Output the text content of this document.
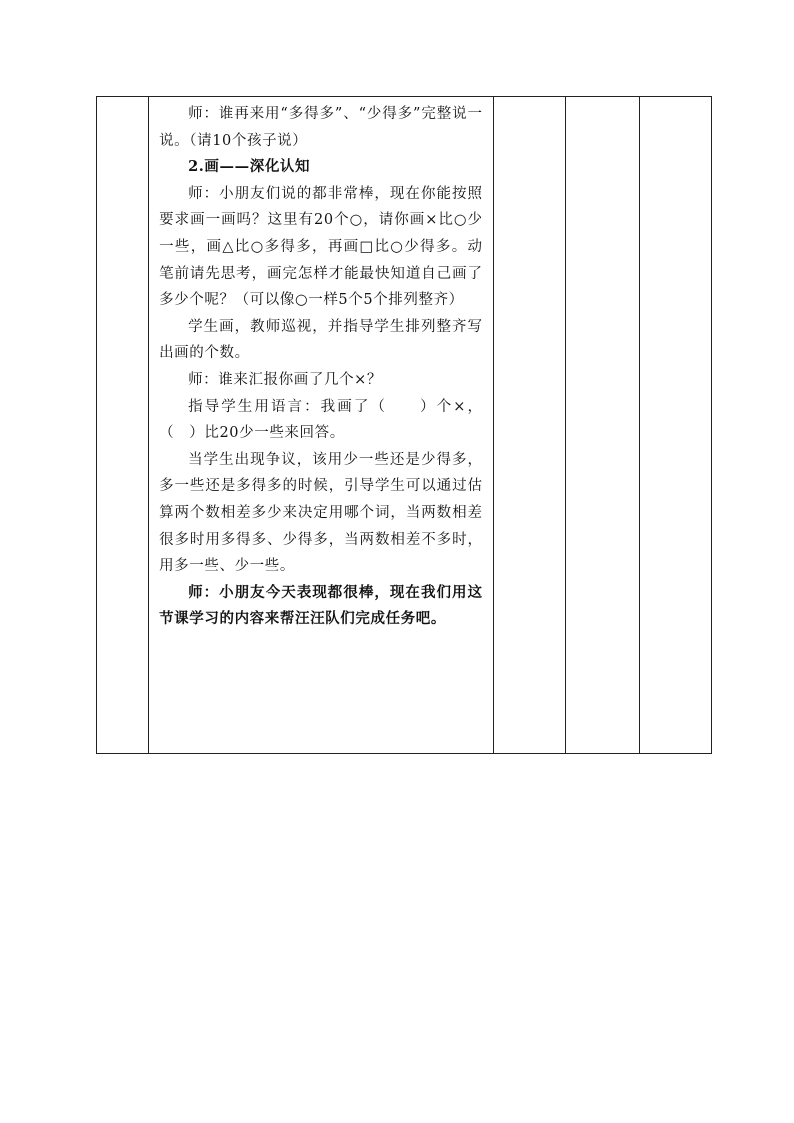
师：谁再来用“多得多”、“少得多”完整说一说。（请10个孩子说）

2.画——深化认知

师：小朋友们说的都非常棒，现在你能按照要求画一画吗？这里有20个○，请你画×比○少一些，画△比○多得多，再画□比○少得多。动笔前请先思考，画完怎样才能最快知道自己画了多少个呢？（可以像○一样5个5个排列整齐）

学生画，教师巡视，并指导学生排列整齐写出画的个数。

师：谁来汇报你画了几个×？

指导学生用语言：我画了（　　）个×，（　）比20少一些来回答。

当学生出现争议，该用少一些还是少得多，多一些还是多得多的时候，引导学生可以通过估算两个数相差多少来决定用哪个词，当两数相差很多时用多得多、少得多，当两数相差不多时，用多一些、少一些。

师：小朋友今天表现都很棒，现在我们用这节课学习的内容来帮汪汪队们完成任务吧。
